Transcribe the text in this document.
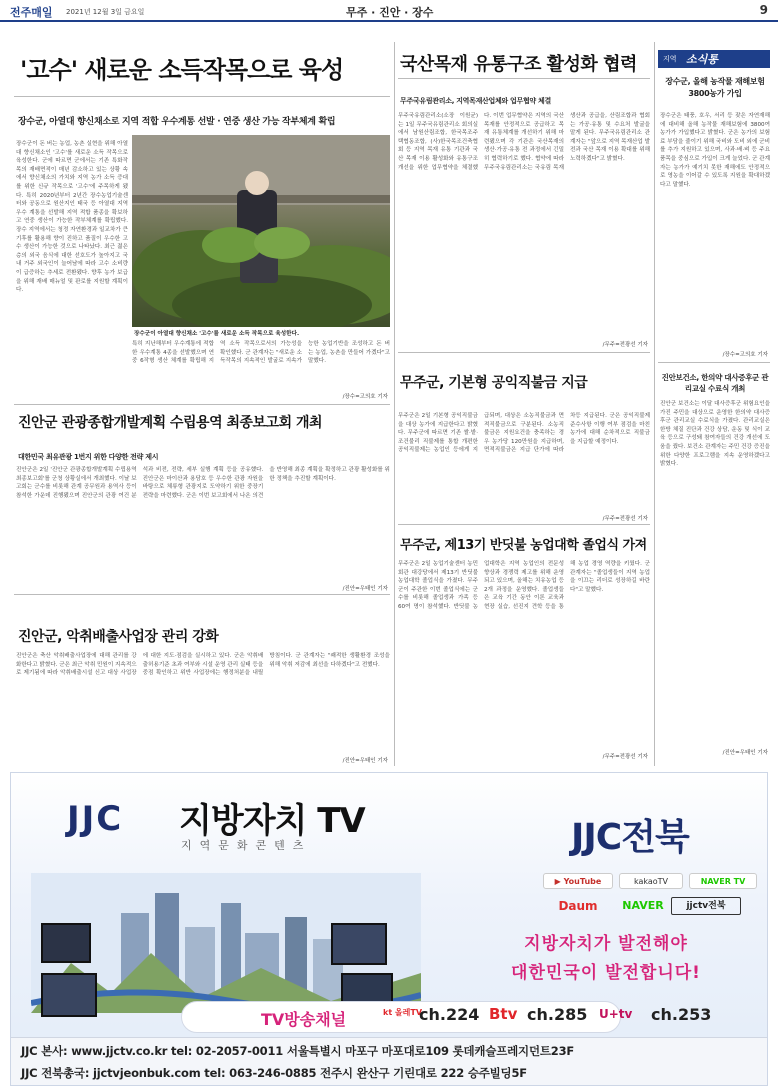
전주매일 2021년 12월 3일 금요일	무주 · 진안 · 장수	9
'고수' 새로운 소득작목으로 육성
장수군, 아열대 향신채소로 지역 적합 우수계통 선발 · 연중 생산 가능 작부체계 확립
장수군이 돈 버는 농업, 농촌 실현을 위해 아열대 향신채소인 '고수'를 새로운 소득 작목으로 육성한다. 군에 따르면 군에서는 기존 특화작목의 재배면적이 매년 감소하고 있는 상황 속에서 향신채소의 가치와 지역 농가 소득 증대를 위한 신규 작목으로 '고수'에 주목하게 됐다. 특히 2020년부터 2년간 장수농업기술센터와 공동으로 원산지인 태국 등 아열대 지역 우수 계통을 선발해 지역 적합 품종을 확보하고 연중 생산이 가능한 작부체계를 확립했다. 장수 지역에서는 청정 자연환경과 일교차가 큰 기후를 활용해 향이 진하고 품질이 우수한 고수 생산이 가능한 것으로 나타났다. 최근 젊은층의 외국 음식에 대한 선호도가 높아지고 국내 거주 외국인이 늘어남에 따라 고수 소비량이 급증하는 추세로 전환됐다. 향후 농가 보급을 위해 재배 매뉴얼 및 판로를 지원할 계획이다.
장수군이 아열대 향신채소 '고수'를 새로운 소득 작목으로 육성한다.
특히 지난해부터 우수계통에 적합한 우수계통 4종을 선발했으며 연중 6작형 생산 체계를 확립해 지역 소득 작목으로서의 가능성을 확인했다. 군 관계자는 "새로운 소득작목의 지속적인 발굴로 지속가능한 농업기반을 조성하고 돈 버는 농업, 농촌을 만들어 가겠다"고 말했다.
/장수=고의호 기자
진안군 관광종합개발계획 수립용역 최종보고회 개최
대한민국 최유관광 1번지 위한 다양한 전략 제시
진안군은 2일 '진안군 관광종합개발계획 수립용역 최종보고회'를 군청 상황실에서 개최했다. 이날 보고회는 군수를 비롯해 관계 공무원과 용역사 등이 참석한 가운데 진행됐으며 진안군의 관광 여건 분석과 비전, 전략, 세부 실행 계획 등을 공유했다. 진안군은 마이산과 용담호 등 우수한 관광 자원을 바탕으로 체류형 관광지로 도약하기 위한 중장기 전략을 마련했다. 군은 이번 보고회에서 나온 의견을 반영해 최종 계획을 확정하고 관광 활성화를 위한 정책을 추진할 계획이다.
/진안=우태인 기자
진안군, 악취배출사업장 관리 강화
진안군은 축산 악취배출사업장에 대해 관리를 강화한다고 밝혔다. 군은 최근 악취 민원이 지속적으로 제기됨에 따라 악취배출시설 신고 대상 사업장에 대한 지도·점검을 실시하고 있다. 군은 악취배출허용기준 초과 여부와 시설 운영 관리 실태 등을 중점 확인하고 위반 사업장에는 행정처분을 내릴 방침이다. 군 관계자는 "쾌적한 생활환경 조성을 위해 악취 저감에 최선을 다하겠다"고 전했다.
/진안=우태인 기자
국산목재 유통구조 활성화 협력
무주국유림관리소, 지역목재산업체와 업무협약 체결
무주국유림관리소(소장 이원균)는 1일 무주국유림관리소 회의실에서 남원산림조합, 한국목조주택협동조합, (사)한국목조건축협회 등 지역 목재 유통 기관과 국산 목재 이용 활성화와 유통구조 개선을 위한 업무협약을 체결했다. 이번 업무협약은 지역의 국산목재를 안정적으로 공급하고 목재 유통체계를 개선하기 위해 마련됐으며 각 기관은 국산목재의 생산·가공·유통 전 과정에서 긴밀히 협력하기로 했다. 협약에 따라 무주국유림관리소는 국유림 목재 생산과 공급을, 산림조합과 협회는 가공·유통 및 수요처 발굴을 맡게 된다. 무주국유림관리소 관계자는 "앞으로 지역 목재산업 발전과 국산 목재 이용 확대를 위해 노력하겠다"고 밝혔다.
/무주=전광선 기자
무주군, 기본형 공익직불금 지급
무주군은 2일 기본형 공익직불금을 대상 농가에 지급한다고 밝혔다. 무주군에 따르면 기존 쌀·밭·조건불리 직불제를 통합 개편한 공익직불제는 농업인 등에게 지급되며, 대상은 소농직불금과 면적직불금으로 구분된다. 소농직불금은 지원요건을 충족하는 경우 농가당 120만원을 지급하며, 면적직불금은 지급 단가에 따라 차등 지급된다. 군은 공익직불제 준수사항 이행 여부 점검을 마친 농가에 대해 순차적으로 직불금을 지급할 예정이다.
/무주=전광선 기자
무주군, 제13기 반딧불 농업대학 졸업식 가져
무주군은 2일 농업기술센터 농민회관 대강당에서 제13기 반딧불 농업대학 졸업식을 가졌다. 무주군이 주관한 이번 졸업식에는 군수를 비롯해 졸업생과 가족 등 60여 명이 참석했다. 반딧불 농업대학은 지역 농업인의 전문성 향상과 경쟁력 제고를 위해 운영되고 있으며, 올해는 치유농업 등 2개 과정을 운영했다. 졸업생들은 교육 기간 동안 이론 교육과 현장 실습, 선진지 견학 등을 통해 농업 경영 역량을 키웠다. 군 관계자는 "졸업생들이 지역 농업을 이끄는 리더로 성장하길 바란다"고 말했다.
/무주=전광선 기자
지역 소식통
장수군, 올해 농작물 재해보험 3800농가 가입
장수군은 태풍, 호우, 서리 등 잦은 자연재해에 대비해 올해 농작물 재해보험에 3800여 농가가 가입했다고 밝혔다. 군은 농가의 보험료 부담을 줄이기 위해 국비와 도비 외에 군비를 추가 지원하고 있으며, 사과·배·벼 등 주요 품목을 중심으로 가입이 크게 늘었다. 군 관계자는 농가가 예기치 못한 재해에도 안정적으로 영농을 이어갈 수 있도록 지원을 확대하겠다고 말했다.
/장수=고의호 기자
진안보건소, 한의약 대사증후군 관리교실 수료식 개최
진안군 보건소는 이달 대사증후군 위험요인을 가진 주민을 대상으로 운영한 한의약 대사증후군 관리교실 수료식을 가졌다. 관리교실은 한방 체질 진단과 건강 상담, 운동 및 식이 교육 등으로 구성돼 참여자들의 건강 개선에 도움을 줬다. 보건소 관계자는 주민 건강 증진을 위한 다양한 프로그램을 지속 운영하겠다고 밝혔다.
/진안=우태인 기자
JJC 지방자치 TV
지역문화콘텐츠	JJC전북
▶ YouTube	kakaoTV	NAVER TV
Daum	NAVER	jjctv전북
지방자치가 발전해야
대한민국이 발전합니다!
TV방송채널	kt 올레TV
ch.224 Btv ch.285 U+tv ch.253
JJC 본사: www.jjctv.co.kr tel: 02-2057-0011 서울특별시 마포구 마포대로109 롯데캐슬프레지던트23F
JJC 전북총국: jjctvjeonbuk.com tel: 063-246-0885 전주시 완산구 기린대로 222 승주빌딩5F
